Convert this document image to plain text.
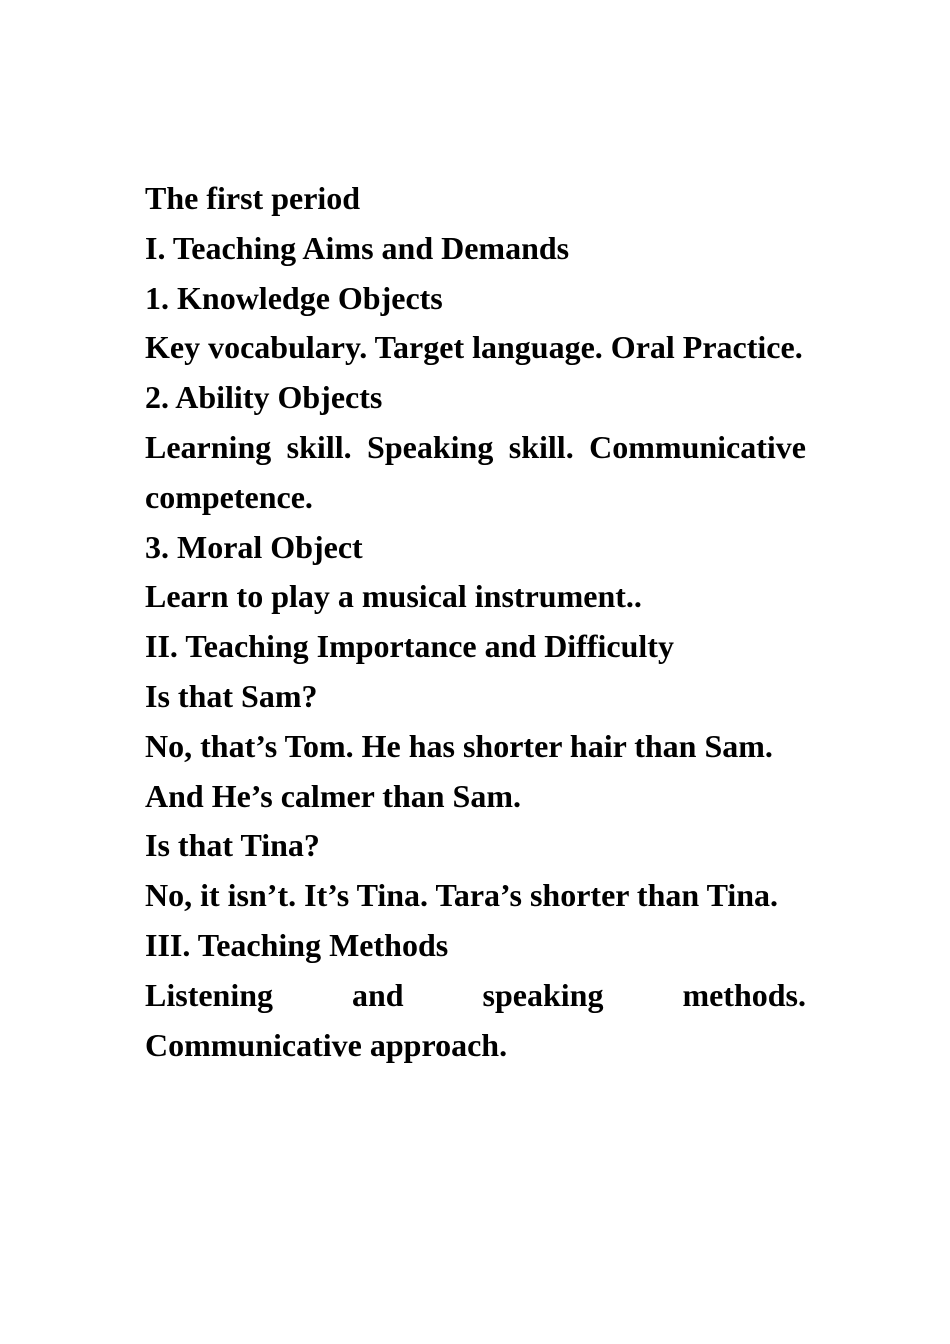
The first period

I. Teaching Aims and Demands

1. Knowledge Objects

Key vocabulary. Target language. Oral Practice.

2. Ability Objects

Learning skill. Speaking skill. Communicative competence.

3. Moral Object

Learn to play a musical instrument..

II. Teaching Importance and Difficulty

Is that Sam?

No, that’s Tom. He has shorter hair than Sam.

And He’s calmer than Sam.

Is that Tina?

No, it isn’t. It’s Tina. Tara’s shorter than Tina.

III. Teaching Methods

Listening and speaking methods. Communicative approach.
